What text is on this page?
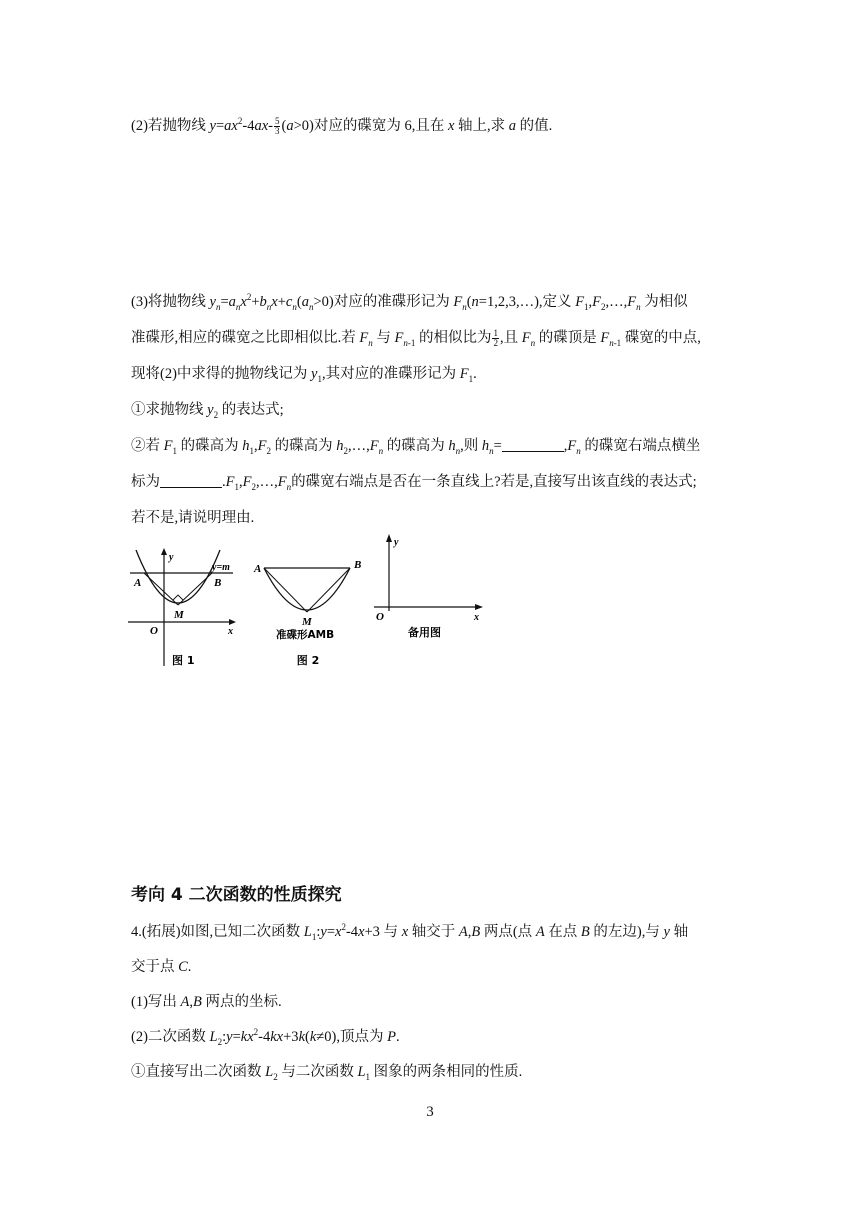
(2)若抛物线 $y=ax^2-4ax- \frac{5}{3} (a>0)$对应的碟宽为 6,且在 x 轴上,求 a 的值.
(3)将抛物线 $y_n=a_nx^2+b_nx+c_n(a_n>0)$对应的准碟形记为 $F_n(n=1,2,3,\dots)$,定义 $F_1,F_2,\dots,F_n$ 为相似
准碟形,相应的碟宽之比即相似比.若 $F_n$ 与 $F_{n-1}$ 的相似比为 $\frac{1}{2}$ ,且 $F_n$ 的碟顶是 $F_{n-1}$ 碟宽的中点,
现将(2)中求得的抛物线记为 $y_1$,其对应的准碟形记为 $F_1$.
①求抛物线 $y_2$ 的表达式;
②若 $F_1$ 的碟高为 $h_1,F_2$ 的碟高为 $h_2,\dots,F_n$ 的碟高为 $h_n$,则 $h_n=$	$,F_n$ 的碟宽右端点横坐
标为	$.F_1,F_2,\dots,F_n$的碟宽右端点是否在一条直线上?若是,直接写出该直线的表达式;
若不是,请说明理由.
y
y=m
A	B
M
O	x
图 1
A	B
M
准碟形AMB
图 2
y
O	x
备用图
考向 4 二次函数的性质探究
4.(拓展)如图,已知二次函数 $L_1:y=x^2-4x+3$ 与 x 轴交于 A,B 两点(点 A 在点 B 的左边),与 y 轴
交于点 C.
(1)写出 A,B 两点的坐标.
(2)二次函数 $L_2:y=kx^2-4kx+3k(k\ne 0)$,顶点为 P.
①直接写出二次函数 $L_2$ 与二次函数 $L_1$ 图象的两条相同的性质.
3
